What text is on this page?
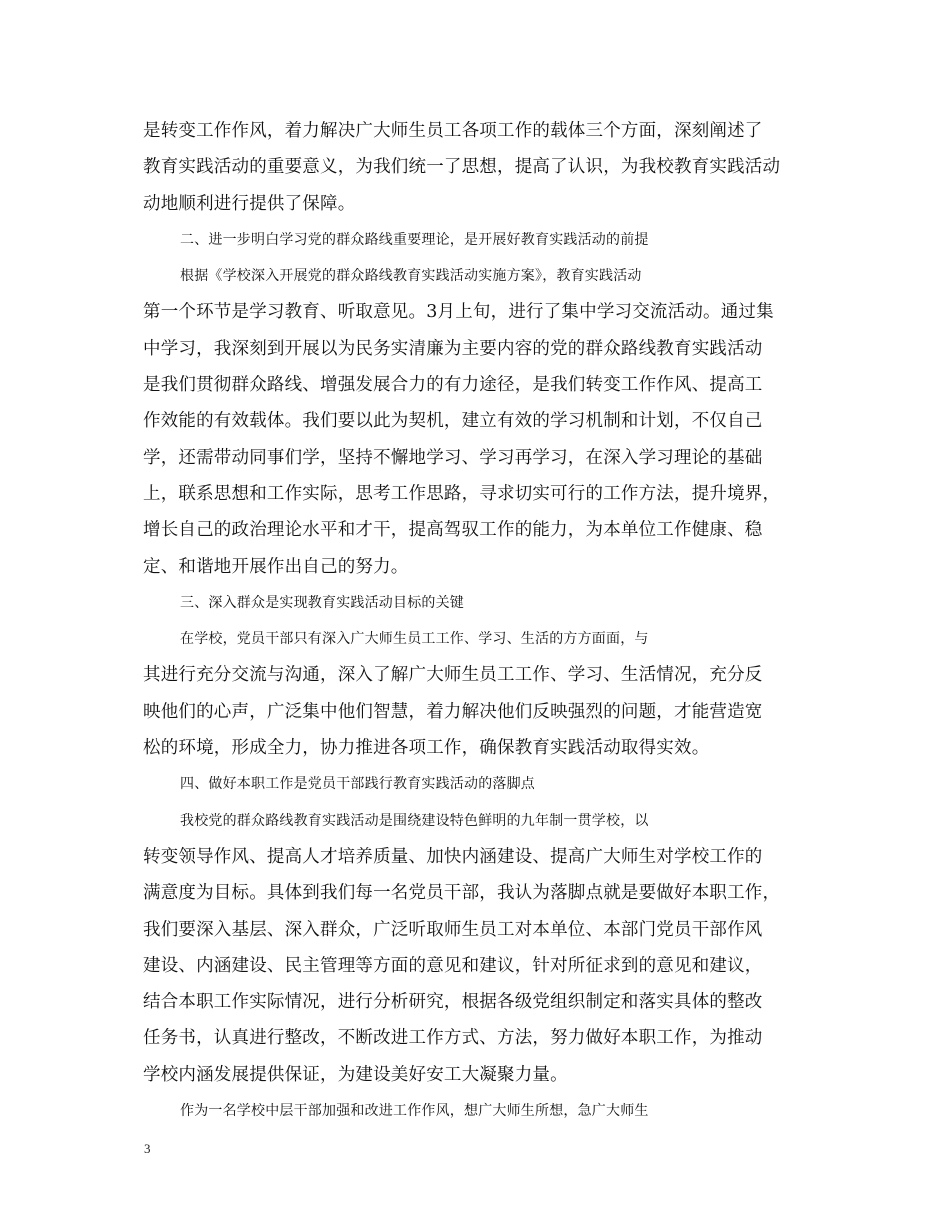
是转变工作作风，着力解决广大师生员工各项工作的载体三个方面，深刻阐述了
教育实践活动的重要意义，为我们统一了思想，提高了认识，为我校教育实践活动
动地顺利进行提供了保障。
二、进一步明白学习党的群众路线重要理论，是开展好教育实践活动的前提
根据《学校深入开展党的群众路线教育实践活动实施方案》，教育实践活动
第一个环节是学习教育、听取意见。3月上旬，进行了集中学习交流活动。通过集
中学习，我深刻到开展以为民务实清廉为主要内容的党的群众路线教育实践活动
是我们贯彻群众路线、增强发展合力的有力途径，是我们转变工作作风、提高工
作效能的有效载体。我们要以此为契机，建立有效的学习机制和计划，不仅自己
学，还需带动同事们学，坚持不懈地学习、学习再学习，在深入学习理论的基础
上，联系思想和工作实际，思考工作思路，寻求切实可行的工作方法，提升境界，
增长自己的政治理论水平和才干，提高驾驭工作的能力，为本单位工作健康、稳
定、和谐地开展作出自己的努力。
三、深入群众是实现教育实践活动目标的关键
在学校，党员干部只有深入广大师生员工工作、学习、生活的方方面面，与
其进行充分交流与沟通，深入了解广大师生员工工作、学习、生活情况，充分反
映他们的心声，广泛集中他们智慧，着力解决他们反映强烈的问题，才能营造宽
松的环境，形成全力，协力推进各项工作，确保教育实践活动取得实效。
四、做好本职工作是党员干部践行教育实践活动的落脚点
我校党的群众路线教育实践活动是围绕建设特色鲜明的九年制一贯学校，以
转变领导作风、提高人才培养质量、加快内涵建设、提高广大师生对学校工作的
满意度为目标。具体到我们每一名党员干部，我认为落脚点就是要做好本职工作，
我们要深入基层、深入群众，广泛听取师生员工对本单位、本部门党员干部作风
建设、内涵建设、民主管理等方面的意见和建议，针对所征求到的意见和建议，
结合本职工作实际情况，进行分析研究，根据各级党组织制定和落实具体的整改
任务书，认真进行整改，不断改进工作方式、方法，努力做好本职工作，为推动
学校内涵发展提供保证，为建设美好安工大凝聚力量。
作为一名学校中层干部加强和改进工作作风，想广大师生所想，急广大师生
3
